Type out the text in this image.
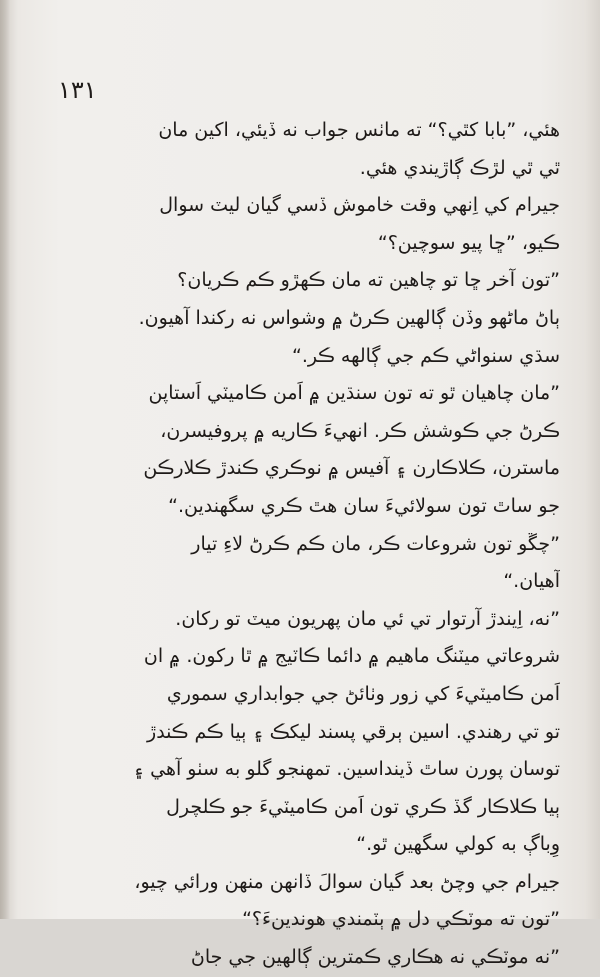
١٣١
هئي، ”بابا کٿي؟“ ته ماٺس جواب نه ڏيئي، اکين مان
ٿي ٿي لڙڪ ڳاڙيندي هئي.
جيرام کي اِنهي وقت خاموش ڏسي گيان ليٽ سوال
ڪيو، ”ڇا پيو سوچين؟“
”تون آخر ڇا تو چاهين ته مان ڪهڙو ڪم ڪريان؟
ٻاڻ ماڻهو وڏن ڳالهين ڪرڻ ۾ وشواس نه رکندا آهيون.
سڌي سنواڻي ڪم جي ڳالهه ڪر.“
”مان چاهيان ٿو ته تون سنڌين ۾ اَمن ڪاميٽي اَستاپن
ڪرڻ جي ڪوشش ڪر. انهيءَ ڪاريه ۾ پروفيسرن،
ماسترن، ڪلاڪارن ۽ آفيس ۾ نوڪري ڪندڙ ڪلارڪن
جو ساٿ تون سولائيءَ سان هٿ ڪري سگهندين.“
”چڱو تون شروعات ڪر، مان ڪم ڪرڻ لاءِ تيار
آهيان.“
”نه، اِيندڙ آرتوار تي ئي مان پهريون ميٽ تو رکان.
شروعاتي ميٽنگ ماهيم ۾ دائما ڪاٽيج ۾ ٿا رکون. ۾ ان
اَمن ڪاميٽيءَ کي زور وٺائڻ جي جوابداري سموري
تو تي رهندي. اسين ٻرقي پسند ليکڪ ۽ ٻيا ڪم ڪندڙ
توسان پورن ساٿ ڏينداسين. تمهنجو گلو به سٺو آهي ۽
ٻيا ڪلاڪار گڏ ڪري تون اَمن ڪاميٽيءَ جو ڪلچرل
وِباڳ به کولي سگهين ٿو.“
جيرام جي وچڻ بعد گيان سوالَ ڏانهن منهن ورائي چيو،
”تون ته موٽڪي دل ۾ ٻٽمندي هوندينءَ؟“
”نه موٽڪي نه هڪاري ڪمترين ڳالهين جي جاڻ
